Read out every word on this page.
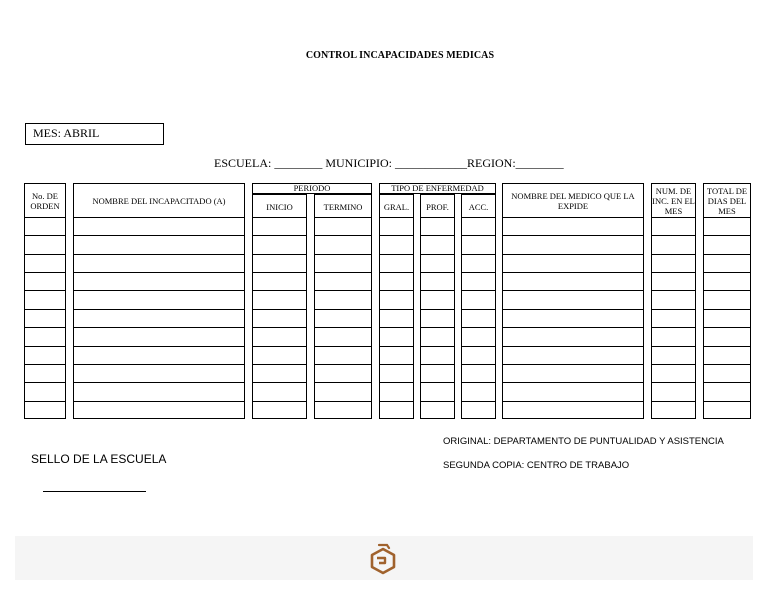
CONTROL INCAPACIDADES MEDICAS
MES: ABRIL
ESCUELA: ________ MUNICIPIO: ____________REGION:________
No. DE ORDEN	NOMBRE DEL INCAPACITADO (A)
PERIODO
INICIO	TERMINO
TIPO DE ENFERMEDAD
GRAL. PROF. ACC.
NOMBRE DEL MEDICO QUE LA EXPIDE
NUM. DE INC. EN EL MES
TOTAL DE DIAS DEL MES
SELLO DE LA ESCUELA
ORIGINAL: DEPARTAMENTO DE PUNTUALIDAD Y ASISTENCIA
SEGUNDA COPIA: CENTRO DE TRABAJO
